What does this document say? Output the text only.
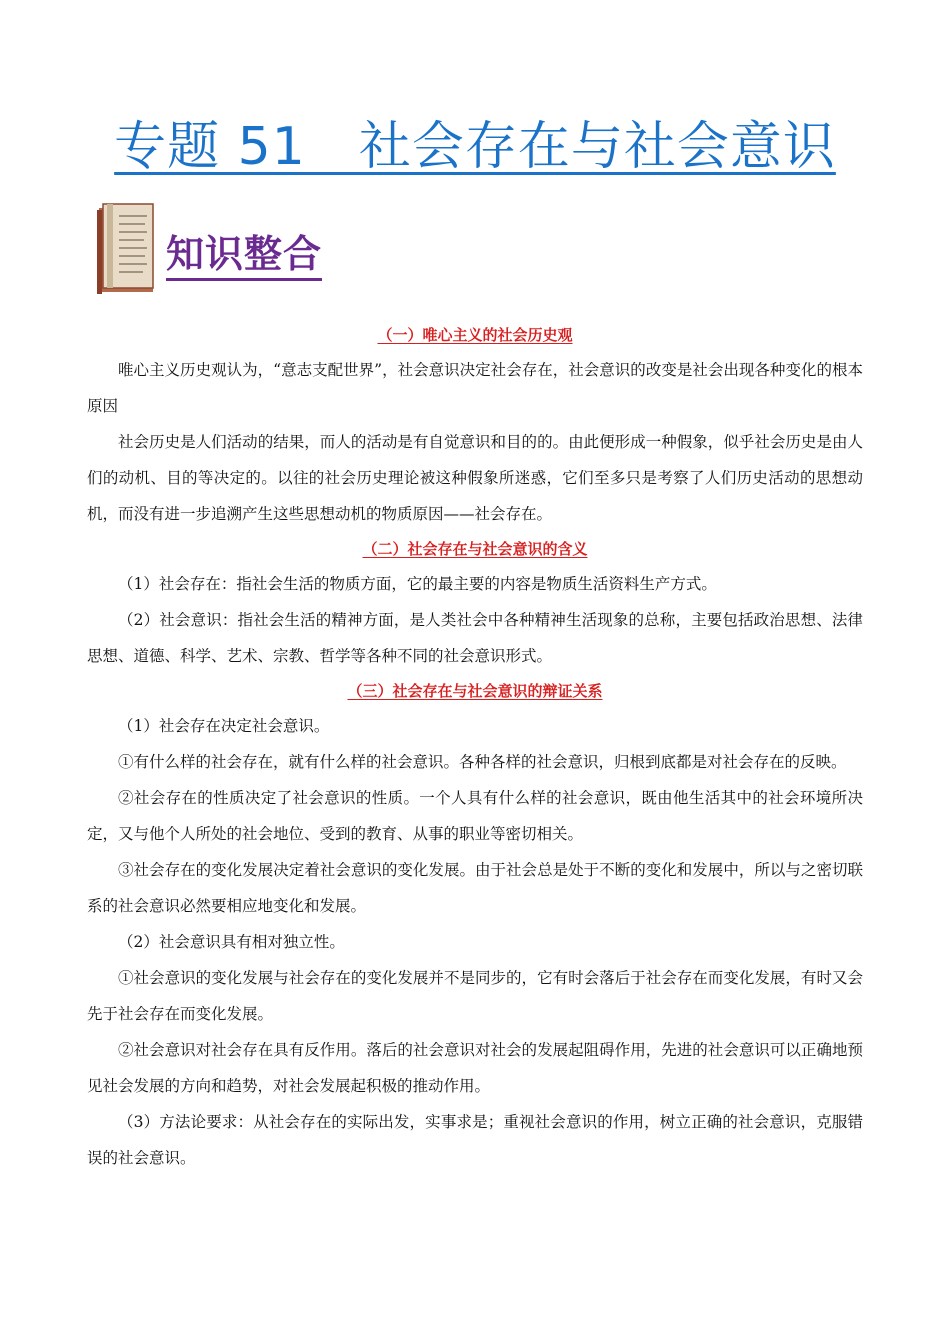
专题 51　社会存在与社会意识
知识整合
（一）唯心主义的社会历史观

唯心主义历史观认为，“意志支配世界”，社会意识决定社会存在，社会意识的改变是社会出现各种变化的根本原因

社会历史是人们活动的结果，而人的活动是有自觉意识和目的的。由此便形成一种假象，似乎社会历史是由人们的动机、目的等决定的。以往的社会历史理论被这种假象所迷惑，它们至多只是考察了人们历史活动的思想动机，而没有进一步追溯产生这些思想动机的物质原因——社会存在。

（二）社会存在与社会意识的含义

（1）社会存在：指社会生活的物质方面，它的最主要的内容是物质生活资料生产方式。

（2）社会意识：指社会生活的精神方面，是人类社会中各种精神生活现象的总称，主要包括政治思想、法律思想、道德、科学、艺术、宗教、哲学等各种不同的社会意识形式。

（三）社会存在与社会意识的辩证关系

（1）社会存在决定社会意识。

①有什么样的社会存在，就有什么样的社会意识。各种各样的社会意识，归根到底都是对社会存在的反映。

②社会存在的性质决定了社会意识的性质。一个人具有什么样的社会意识，既由他生活其中的社会环境所决定，又与他个人所处的社会地位、受到的教育、从事的职业等密切相关。

③社会存在的变化发展决定着社会意识的变化发展。由于社会总是处于不断的变化和发展中，所以与之密切联系的社会意识必然要相应地变化和发展。

（2）社会意识具有相对独立性。

①社会意识的变化发展与社会存在的变化发展并不是同步的，它有时会落后于社会存在而变化发展，有时又会先于社会存在而变化发展。

②社会意识对社会存在具有反作用。落后的社会意识对社会的发展起阻碍作用，先进的社会意识可以正确地预见社会发展的方向和趋势，对社会发展起积极的推动作用。

（3）方法论要求：从社会存在的实际出发，实事求是；重视社会意识的作用，树立正确的社会意识，克服错误的社会意识。
